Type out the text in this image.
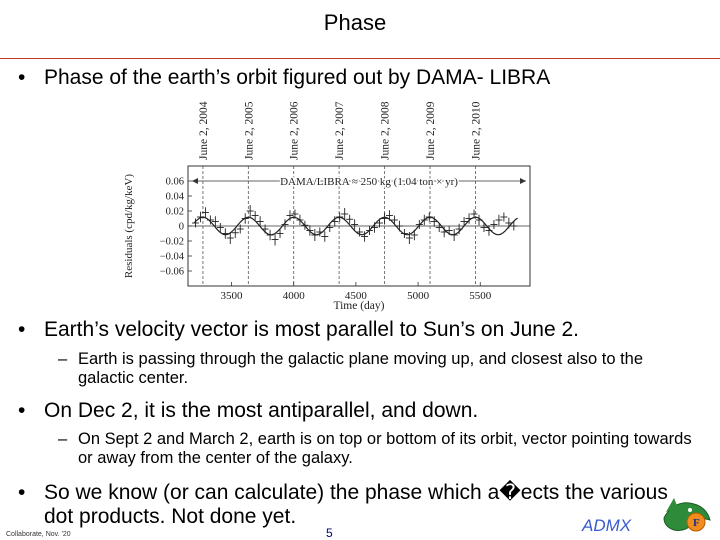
Phase
• Phase of the earth’s orbit figured out by DAMA- LIBRA
June 2, 2004	June 2, 2005	June 2, 2006	June 2, 2007	June 2, 2008	June 2, 2009	June 2, 2010
0.06
0.04
0.02
0
−0.02
−0.04
−0.06
3500	4000	4500	5000	5500
Time (day)
Residuals (cpd/kg/keV)	DAMA/LIBRA ≈ 250 kg (1.04 ton × yr)
• Earth’s velocity vector is most parallel to Sun’s on June 2.
– Earth is passing through the galactic plane moving up, and closest also to the galactic center.
• On Dec 2, it is the most antiparallel, and down.
– On Sept 2 and March 2, earth is on top or bottom of its orbit, vector pointing towards or away from the center of the galaxy.
• So we know (or can calculate) the phase which a�ects the various dot products. Not done yet.
Collaborate, Nov. '20	5	ADMX	F
